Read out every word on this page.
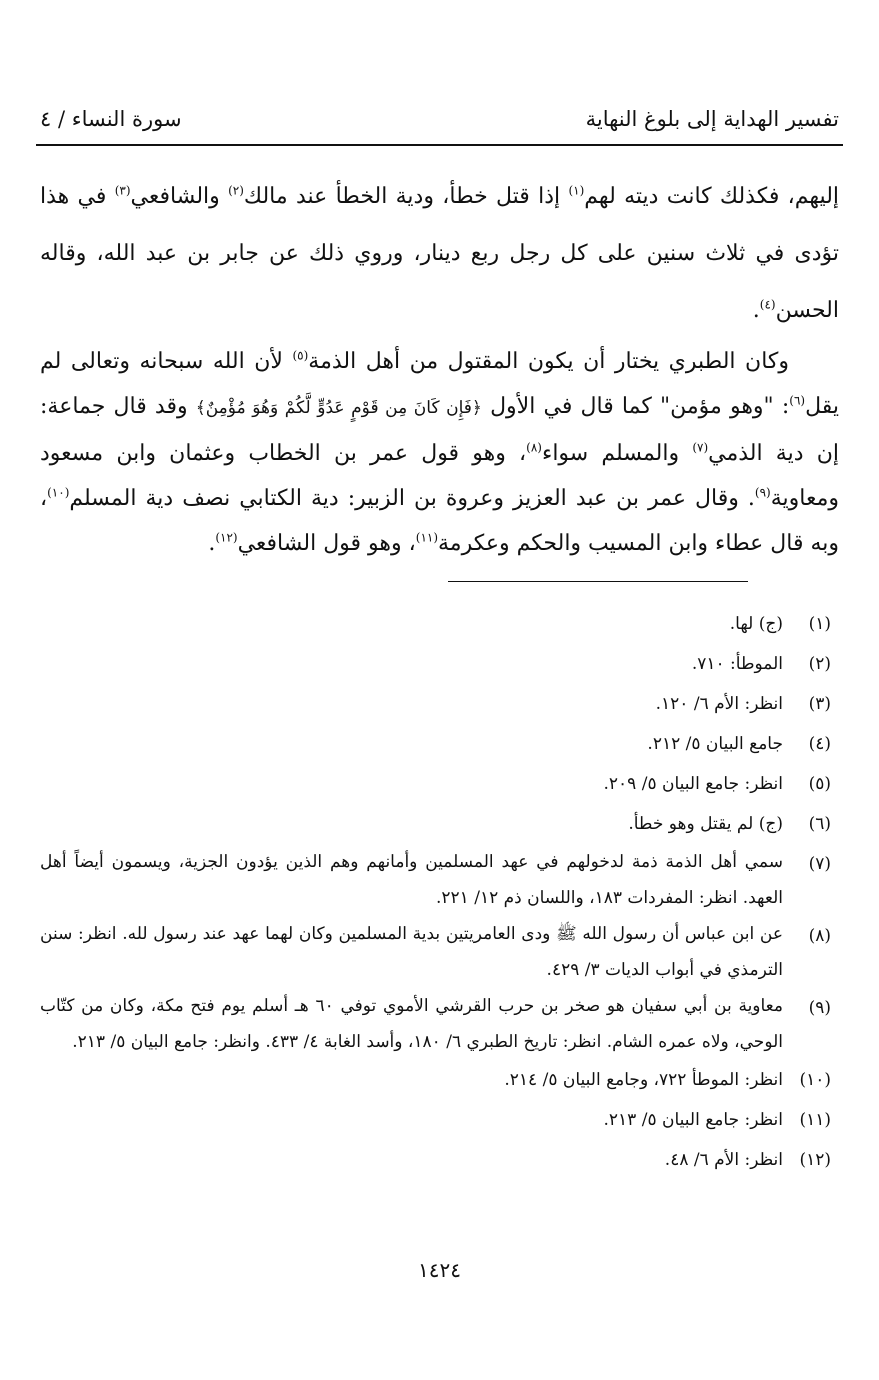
تفسير الهداية إلى بلوغ النهاية
سورة النساء / ٤

إليهم، فكذلك كانت ديته لهم$^{(١)}$ إذا قتل خطأ، ودية الخطأ عند مالك$^{(٢)}$ والشافعي$^{(٣)}$ في هذا تؤدى في ثلاث سنين على كل رجل ربع دينار، وروي ذلك عن جابر بن عبد الله، وقاله الحسن$^{(٤)}$.

وكان الطبري يختار أن يكون المقتول من أهل الذمة$^{(٥)}$ لأن الله سبحانه وتعالى لم يقل$^{(٦)}$: "وهو مؤمن" كما قال في الأول ﴿فَإِن كَانَ مِن قَوْمٍ عَدُوٍّ لَّكُمْ وَهُوَ مُؤْمِنٌ﴾ وقد قال جماعة: إن دية الذمي$^{(٧)}$ والمسلم سواء$^{(٨)}$، وهو قول عمر بن الخطاب وعثمان وابن مسعود ومعاوية$^{(٩)}$. وقال عمر بن عبد العزيز وعروة بن الزبير: دية الكتابي نصف دية المسلم$^{(١٠)}$، وبه قال عطاء وابن المسيب والحكم وعكرمة$^{(١١)}$، وهو قول الشافعي$^{(١٢)}$.

(١)
(ج) لها.
(٢)
الموطأ: ٧١٠.
(٣)
انظر: الأم ٦/ ١٢٠.
(٤)
جامع البيان ٥/ ٢١٢.
(٥)
انظر: جامع البيان ٥/ ٢٠٩.
(٦)
(ج) لم يقتل وهو خطأ.
(٧)
سمي أهل الذمة ذمة لدخولهم في عهد المسلمين وأمانهم وهم الذين يؤدون الجزية، ويسمون أيضاً أهل العهد. انظر: المفردات ١٨٣، واللسان ذم ١٢/ ٢٢١.
(٨)
عن ابن عباس أن رسول الله ﷺ ودى العامريتين بدية المسلمين وكان لهما عهد عند رسول لله. انظر: سنن الترمذي في أبواب الديات ٣/ ٤٢٩.
(٩)
معاوية بن أبي سفيان هو صخر بن حرب القرشي الأموي توفي ٦٠ هـ أسلم يوم فتح مكة، وكان من كتّاب الوحي، ولاه عمره الشام. انظر: تاريخ الطبري ٦/ ١٨٠، وأسد الغابة ٤/ ٤٣٣. وانظر: جامع البيان ٥/ ٢١٣.
(١٠)
انظر: الموطأ ٧٢٢، وجامع البيان ٥/ ٢١٤.
(١١)
انظر: جامع البيان ٥/ ٢١٣.
(١٢)
انظر: الأم ٦/ ٤٨.
١٤٢٤
